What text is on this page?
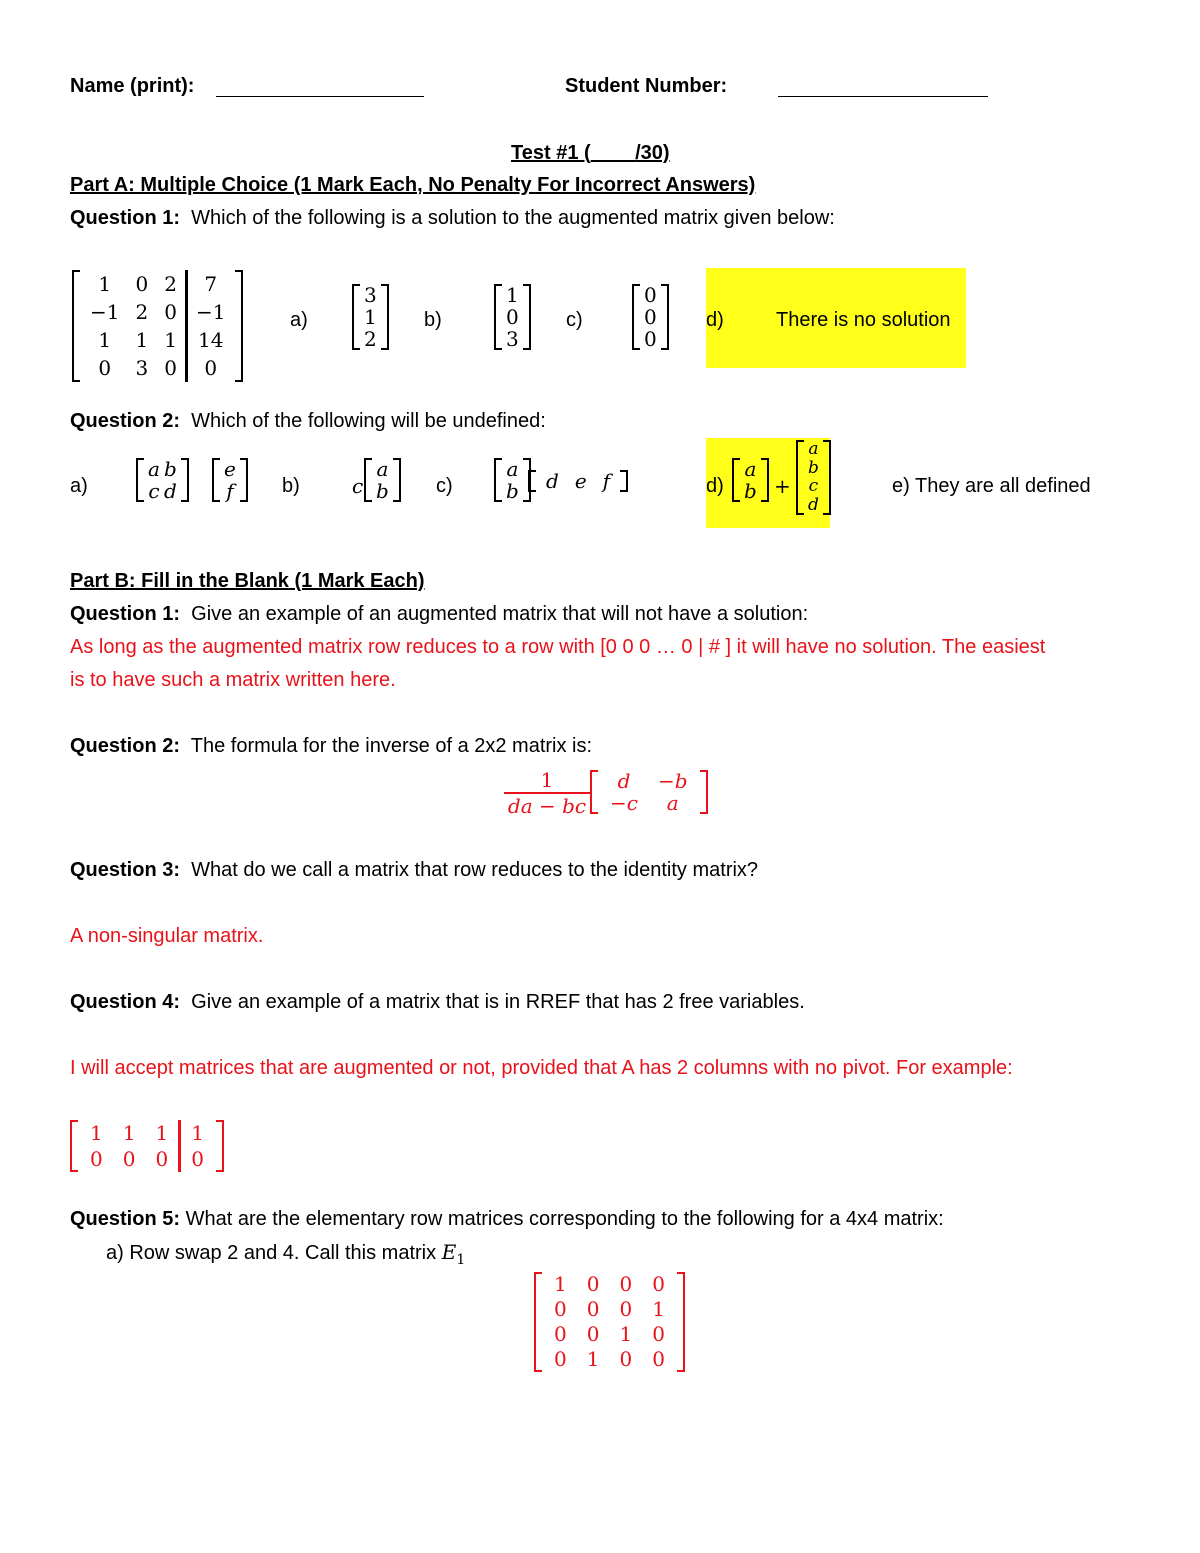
Name (print):	Student Number:
Test #1 ( /30)
Part A: Multiple Choice (1 Mark Each, No Penalty For Incorrect Answers)
Question 1: Which of the following is a solution to the augmented matrix given below:
1	0	2	7
−1	2	0	−1
1	1	1	14
0	3	0	0
a)
3
1
2
b)
1
0
3
c)
0
0
0
d)	There is no solution
Question 2: Which of the following will be undefined:
a)
a	b
c	d
e
f b)	c
a
b c)
a
b d	e	f	d)
a
b +
a
b
c
d
e) They are all defined
Part B: Fill in the Blank (1 Mark Each)
Question 1: Give an example of an augmented matrix that will not have a solution:
As long as the augmented matrix row reduces to a row with [0 0 0 … 0 | # ] it will have no solution. The easiest
is to have such a matrix written here.
Question 2: The formula for the inverse of a 2x2 matrix is:
$\frac{1}{da - bc}$ d	−b
−c	a
Question 3: What do we call a matrix that row reduces to the identity matrix?
A non-singular matrix.
Question 4: Give an example of a matrix that is in RREF that has 2 free variables.
I will accept matrices that are augmented or not, provided that A has 2 columns with no pivot. For example:
1	1	1	1
0	0	0	0
Question 5: What are the elementary row matrices corresponding to the following for a 4x4 matrix:
a) Row swap 2 and 4. Call this matrix $E_1$
1	0	0	0
0	0	0	1
0	0	1	0
0	1	0	0
